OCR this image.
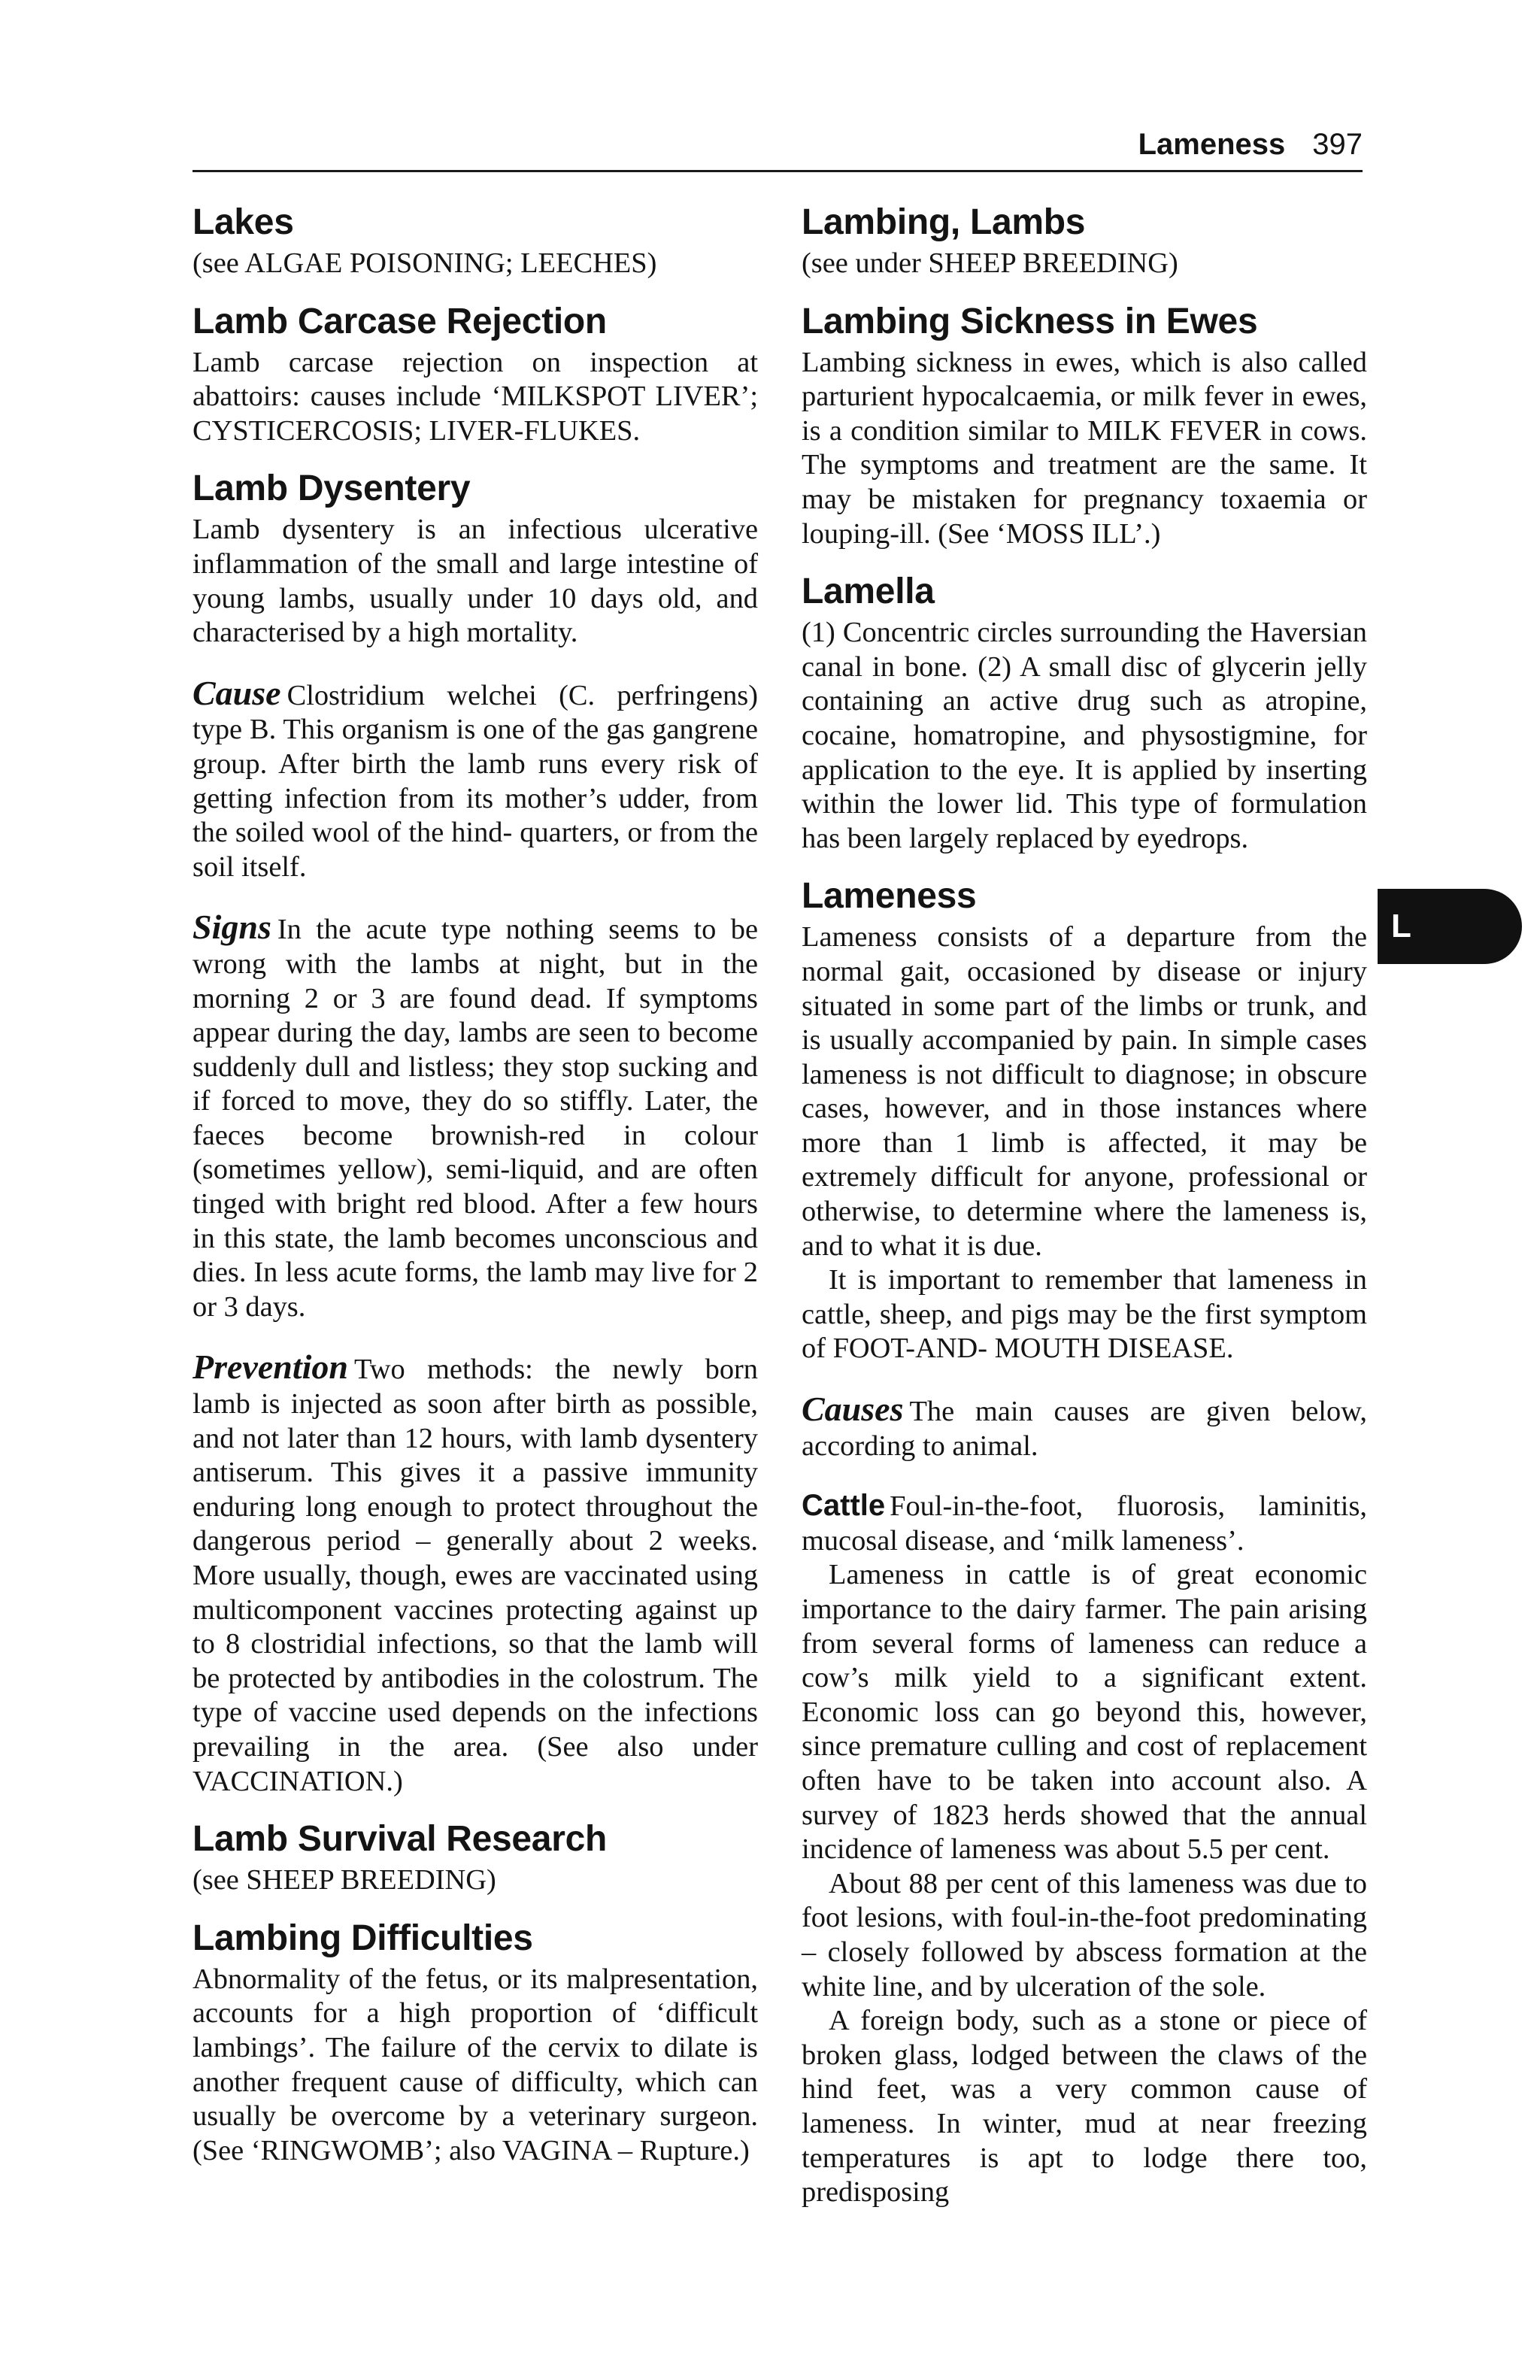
Lameness 397
L
Lakes

(see ALGAE POISONING; LEECHES)

Lamb Carcase Rejection

Lamb carcase rejection on inspection at abattoirs: causes include ‘MILKSPOT LIVER’; CYSTICERCOSIS; LIVER-FLUKES.

Lamb Dysentery

Lamb dysentery is an infectious ulcerative inflammation of the small and large intestine of young lambs, usually under 10 days old, and characterised by a high mortality.

Cause Clostridium welchei (C. perfringens) type B. This organism is one of the gas gangrene group. After birth the lamb runs every risk of getting infection from its mother’s udder, from the soiled wool of the hind- quarters, or from the soil itself.

Signs In the acute type nothing seems to be wrong with the lambs at night, but in the morning 2 or 3 are found dead. If symptoms appear during the day, lambs are seen to become suddenly dull and listless; they stop sucking and if forced to move, they do so stiffly. Later, the faeces become brownish-red in colour (sometimes yellow), semi-liquid, and are often tinged with bright red blood. After a few hours in this state, the lamb becomes unconscious and dies. In less acute forms, the lamb may live for 2 or 3 days.

Prevention Two methods: the newly born lamb is injected as soon after birth as possible, and not later than 12 hours, with lamb dysentery antiserum. This gives it a passive immunity enduring long enough to protect throughout the dangerous period – generally about 2 weeks. More usually, though, ewes are vaccinated using multicomponent vaccines protecting against up to 8 clostridial infections, so that the lamb will be protected by antibodies in the colostrum. The type of vaccine used depends on the infections prevailing in the area. (See also under VACCINATION.)

Lamb Survival Research

(see SHEEP BREEDING)

Lambing Difficulties

Abnormality of the fetus, or its malpresentation, accounts for a high proportion of ‘difficult lambings’. The failure of the cervix to dilate is another frequent cause of difficulty, which can usually be overcome by a veterinary surgeon. (See ‘RINGWOMB’; also VAGINA – Rupture.)

Lambing, Lambs

(see under SHEEP BREEDING)

Lambing Sickness in Ewes

Lambing sickness in ewes, which is also called parturient hypocalcaemia, or milk fever in ewes, is a condition similar to MILK FEVER in cows. The symptoms and treatment are the same. It may be mistaken for pregnancy toxaemia or louping-ill. (See ‘MOSS ILL’.)

Lamella

(1) Concentric circles surrounding the Haversian canal in bone. (2) A small disc of glycerin jelly containing an active drug such as atropine, cocaine, homatropine, and physostigmine, for application to the eye. It is applied by inserting within the lower lid. This type of formulation has been largely replaced by eyedrops.

Lameness

Lameness consists of a departure from the normal gait, occasioned by disease or injury situated in some part of the limbs or trunk, and is usually accompanied by pain. In simple cases lameness is not difficult to diagnose; in obscure cases, however, and in those instances where more than 1 limb is affected, it may be extremely difficult for anyone, professional or otherwise, to determine where the lameness is, and to what it is due.

It is important to remember that lameness in cattle, sheep, and pigs may be the first symptom of FOOT-AND- MOUTH DISEASE.

Causes The main causes are given below, according to animal.

Cattle Foul-in-the-foot, fluorosis, laminitis, mucosal disease, and ‘milk lameness’.

Lameness in cattle is of great economic importance to the dairy farmer. The pain arising from several forms of lameness can reduce a cow’s milk yield to a significant extent. Economic loss can go beyond this, however, since premature culling and cost of replacement often have to be taken into account also. A survey of 1823 herds showed that the annual incidence of lameness was about 5.5 per cent.

About 88 per cent of this lameness was due to foot lesions, with foul-in-the-foot predominating – closely followed by abscess formation at the white line, and by ulceration of the sole.

A foreign body, such as a stone or piece of broken glass, lodged between the claws of the hind feet, was a very common cause of lameness. In winter, mud at near freezing temperatures is apt to lodge there too, predisposing
